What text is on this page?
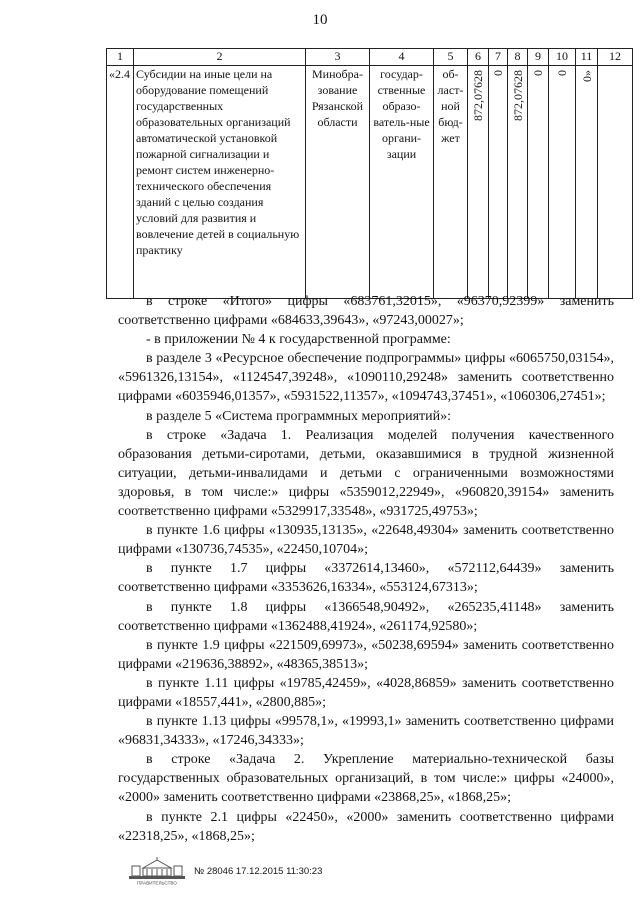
10
1	2	3	4	5	6	7	8	9	10	11	12
«2.4	Субсидии на иные цели на оборудование помещений государственных образовательных организаций автоматической установкой пожарной сигнализации и ремонт систем инженерно-технического обеспечения зданий с целью создания условий для развития и вовлечение детей в социальную практику	Минобра-зование Рязанской области	государ-ственные образо-ватель-ные органи-зации	об-ласт-ной бюд-жет	872,07628	0	872,07628	0	0	0»	

в строке «Итого» цифры «683761,32015», «96370,92399» заменить соответственно цифрами «684633,39643», «97243,00027»;

- в приложении № 4 к государственной программе:

в разделе 3 «Ресурсное обеспечение подпрограммы» цифры «6065750,03154», «5961326,13154», «1124547,39248», «1090110,29248» заменить соответственно цифрами «6035946,01357», «5931522,11357», «1094743,37451», «1060306,27451»;

в разделе 5 «Система программных мероприятий»:

в строке «Задача 1. Реализация моделей получения качественного образования детьми-сиротами, детьми, оказавшимися в трудной жизненной ситуации, детьми-инвалидами и детьми с ограниченными возможностями здоровья, в том числе:» цифры «5359012,22949», «960820,39154» заменить соответственно цифрами «5329917,33548», «931725,49753»;

в пункте 1.6 цифры «130935,13135», «22648,49304» заменить соответственно цифрами «130736,74535», «22450,10704»;

в пункте 1.7 цифры «3372614,13460», «572112,64439» заменить соответственно цифрами «3353626,16334», «553124,67313»;

в пункте 1.8 цифры «1366548,90492», «265235,41148» заменить соответственно цифрами «1362488,41924», «261174,92580»;

в пункте 1.9 цифры «221509,69973», «50238,69594» заменить соответственно цифрами «219636,38892», «48365,38513»;

в пункте 1.11 цифры «19785,42459», «4028,86859» заменить соответственно цифрами «18557,441», «2800,885»;

в пункте 1.13 цифры «99578,1», «19993,1» заменить соответственно цифрами «96831,34333», «17246,34333»;

в строке «Задача 2. Укрепление материально-технической базы государственных образовательных организаций, в том числе:» цифры «24000», «2000» заменить соответственно цифрами «23868,25», «1868,25»;

в пункте 2.1 цифры «22450», «2000» заменить соответственно цифрами «22318,25», «1868,25»;

ПРАВИТЕЛЬСТВО
№ 28046 17.12.2015 11:30:23
